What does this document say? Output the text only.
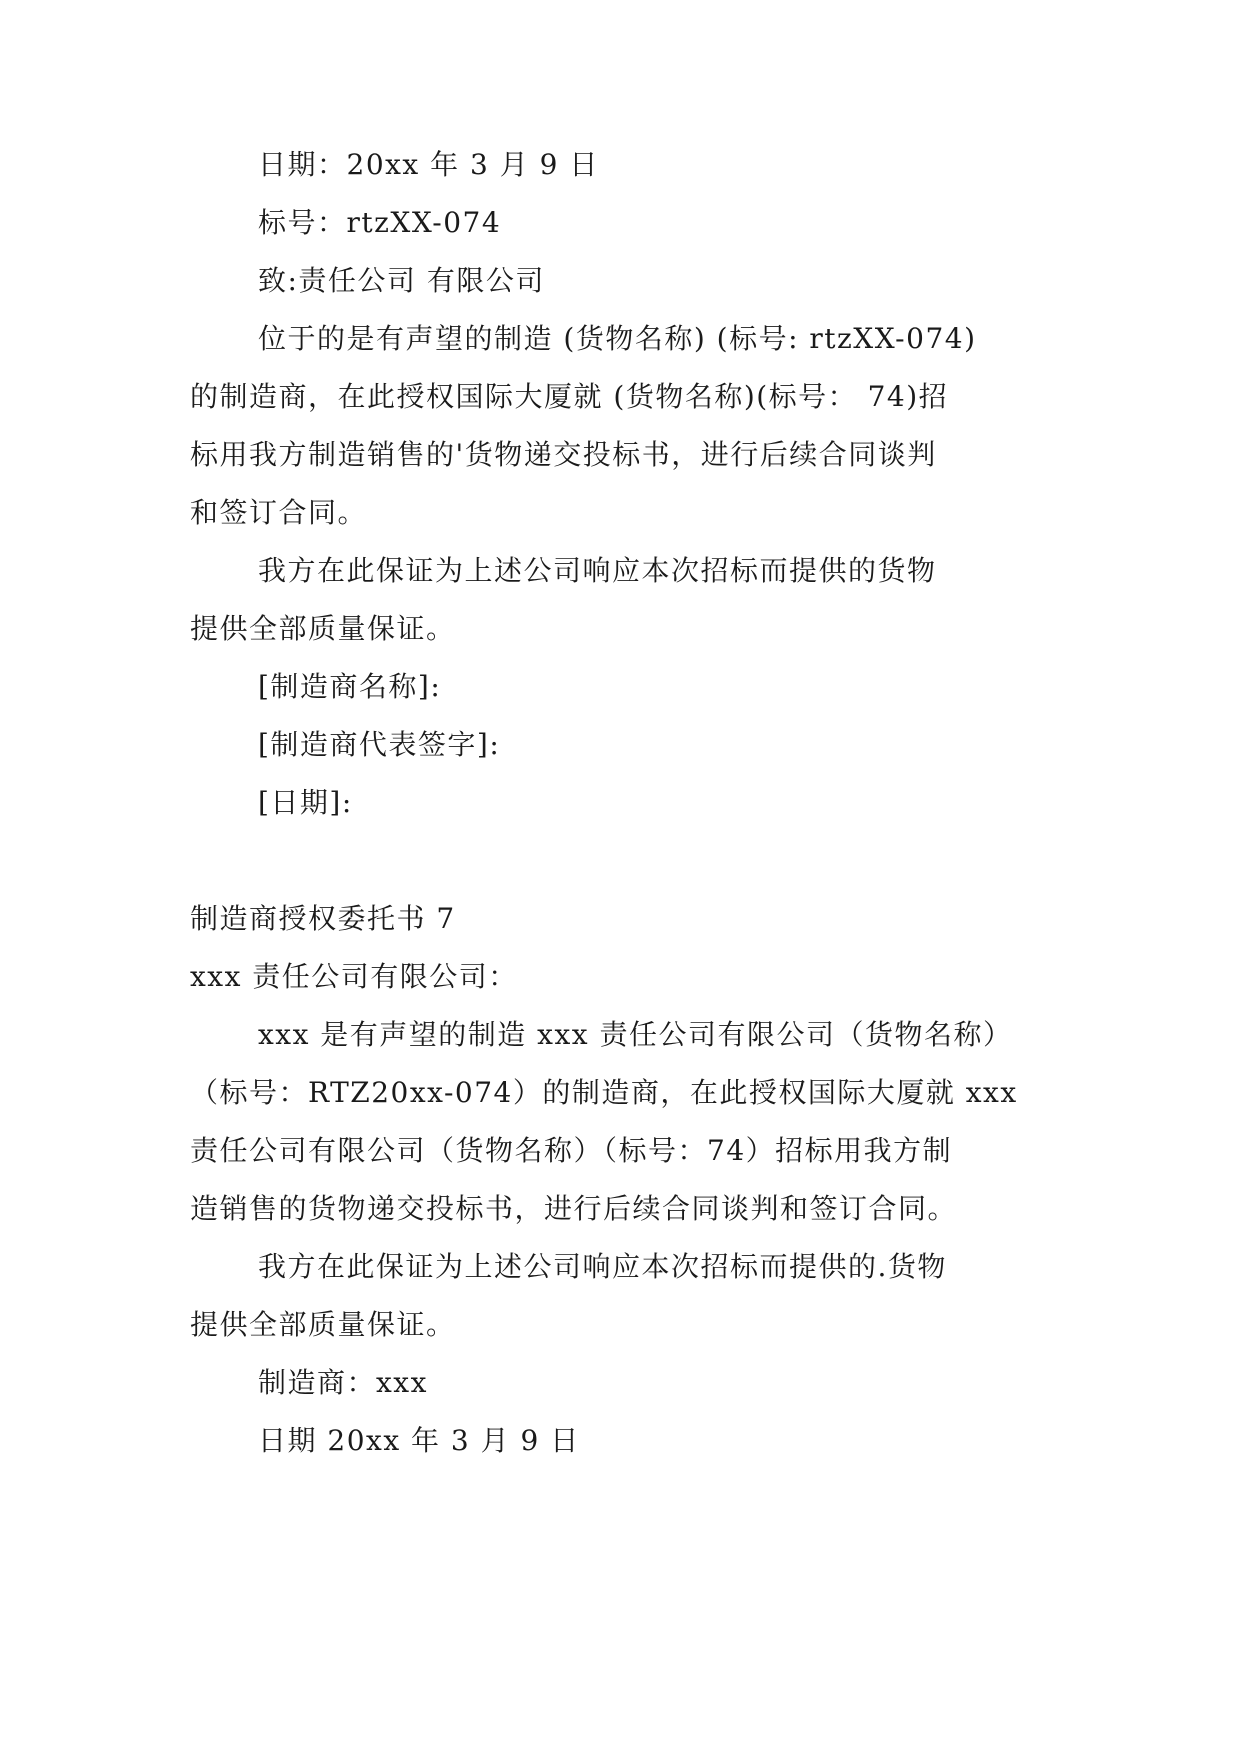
日期：20xx 年 3 月 9 日
标号：rtzXX-074
致:责任公司 有限公司
位于的是有声望的制造 (货物名称) (标号: rtzXX-074)
的制造商，在此授权国际大厦就 (货物名称)(标号： 74)招
标用我方制造销售的'货物递交投标书，进行后续合同谈判
和签订合同。
我方在此保证为上述公司响应本次招标而提供的货物
提供全部质量保证。
[制造商名称]:
[制造商代表签字]:
[日期]:
制造商授权委托书 7
xxx 责任公司有限公司：
xxx 是有声望的制造 xxx 责任公司有限公司（货物名称）
（标号：RTZ20xx-074）的制造商，在此授权国际大厦就 xxx
责任公司有限公司（货物名称）（标号：74）招标用我方制
造销售的货物递交投标书，进行后续合同谈判和签订合同。
我方在此保证为上述公司响应本次招标而提供的.货物
提供全部质量保证。
制造商：xxx
日期 20xx 年 3 月 9 日
